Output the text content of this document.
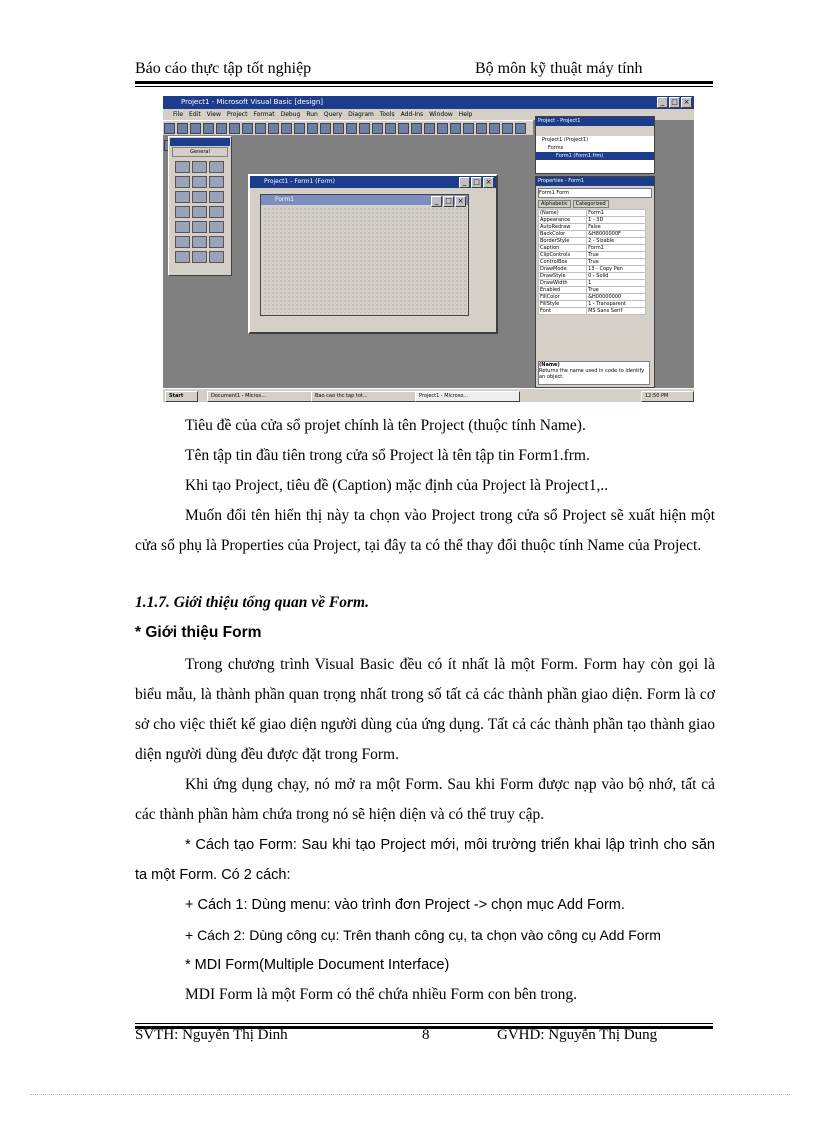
Báo cáo thực tập tốt nghiệp	Bộ môn kỹ thuật máy tính
Project1 - Microsoft Visual Basic [design]	_ □ ×
File Edit View Project Format Debug Run Query Diagram Tools Add-Ins Window Help
General
Project1 - Form1 (Form)	_ □ ×
Form1	_ □ ×
Project - Project1
Project1 (Project1)
Forms
Form1 (Form1.frm)
Properties - Form1
Form1 Form
Alphabetic	Categorized
(Name)	Form1
Appearance	1 - 3D
AutoRedraw	False
BackColor	&H8000000F
BorderStyle	2 - Sizable
Caption	Form1
ClipControls	True
ControlBox	True
DrawMode	13 - Copy Pen
DrawStyle	0 - Solid
DrawWidth	1
Enabled	True
FillColor	&H00000000
FillStyle	1 - Transparent
Font	MS Sans Serif
(Name)
Returns the name used in code to identify an object.
Start	Document1 - Micros...	Bao cao thc tap tot...	Project1 - Microso...	12:50 PM

Tiêu đề của cửa sổ projet chính là tên Project (thuộc tính Name).

Tên tập tin đầu tiên trong cửa sổ Project là tên tập tin Form1.frm.

Khi tạo Project, tiêu đề (Caption) mặc định của Project là Project1,..

Muốn đổi tên hiển thị này ta chọn vào Project trong cửa sổ Project sẽ xuất hiện một cửa sổ phụ là Properties của Project, tại đây ta có thể thay đổi thuộc tính Name của Project.

1.1.7. Giới thiệu tổng quan về Form.
* Giới thiệu Form

Trong chương trình Visual Basic đều có ít nhất là một Form. Form hay còn gọi là biểu mẫu, là thành phần quan trọng nhất trong số tất cả các thành phần giao diện. Form là cơ sở cho việc thiết kế giao diện người dùng của ứng dụng. Tất cả các thành phần tạo thành giao diện người dùng đều được đặt trong Form.

Khi ứng dụng chạy, nó mở ra một Form. Sau khi Form được nạp vào bộ nhớ, tất cả các thành phần hàm chứa trong nó sẽ hiện diện và có thể truy cập.

* Cách tạo Form: Sau khi tạo Project mới, môi trường triển khai lập trình cho săn ta một Form. Có 2 cách:

+ Cách 1: Dùng menu: vào trình đơn Project -> chọn mục Add Form.

+ Cách 2: Dùng công cụ: Trên thanh công cụ, ta chọn vào công cụ Add Form

* MDI Form(Multiple Document Interface)

MDI Form là một Form có thể chứa nhiều Form con bên trong.

SVTH: Nguyễn Thị Dinh	8	GVHD: Nguyễn Thị Dung
